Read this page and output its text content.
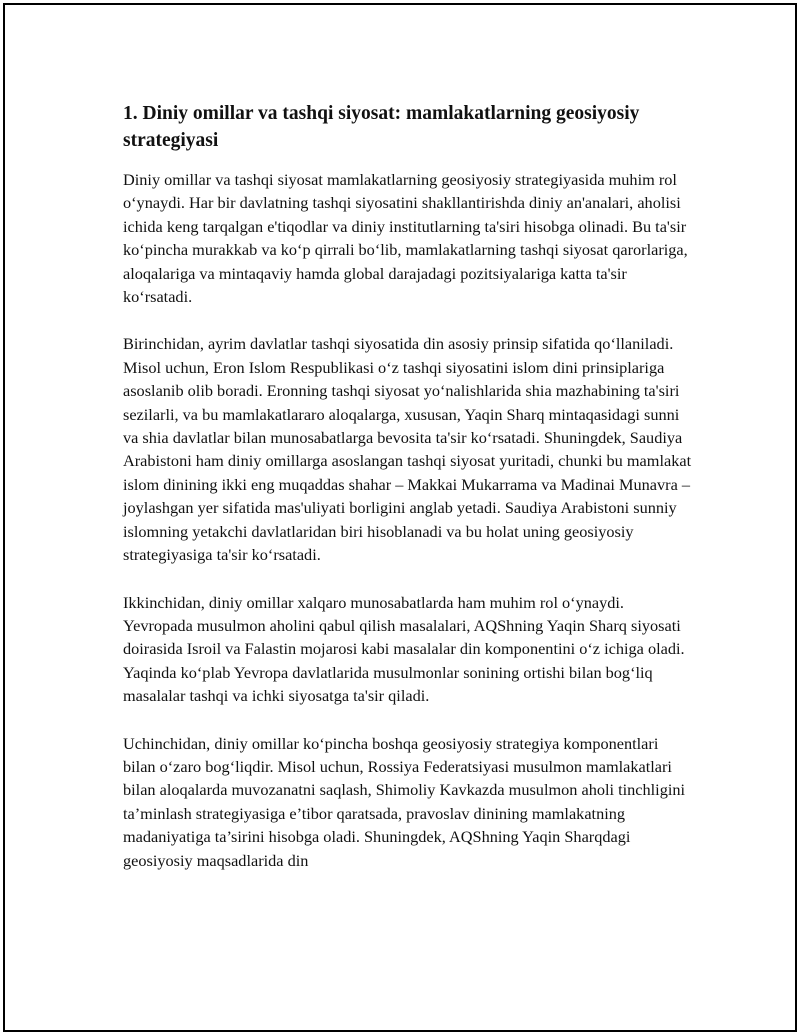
1. Diniy omillar va tashqi siyosat: mamlakatlarning geosiyosiy strategiyasi

Diniy omillar va tashqi siyosat mamlakatlarning geosiyosiy strategiyasida muhim rol oʻynaydi. Har bir davlatning tashqi siyosatini shakllantirishda diniy an'analari, aholisi ichida keng tarqalgan e'tiqodlar va diniy institutlarning ta'siri hisobga olinadi. Bu ta'sir koʻpincha murakkab va koʻp qirrali boʻlib, mamlakatlarning tashqi siyosat qarorlariga, aloqalariga va mintaqaviy hamda global darajadagi pozitsiyalariga katta ta'sir koʻrsatadi.

Birinchidan, ayrim davlatlar tashqi siyosatida din asosiy prinsip sifatida qoʻllaniladi. Misol uchun, Eron Islom Respublikasi oʻz tashqi siyosatini islom dini prinsiplariga asoslanib olib boradi. Eronning tashqi siyosat yoʻnalishlarida shia mazhabining ta'siri sezilarli, va bu mamlakatlararo aloqalarga, xususan, Yaqin Sharq mintaqasidagi sunni va shia davlatlar bilan munosabatlarga bevosita ta'sir koʻrsatadi. Shuningdek, Saudiya Arabistoni ham diniy omillarga asoslangan tashqi siyosat yuritadi, chunki bu mamlakat islom dinining ikki eng muqaddas shahar – Makkai Mukarrama va Madinai Munavra – joylashgan yer sifatida mas'uliyati borligini anglab yetadi. Saudiya Arabistoni sunniy islomning yetakchi davlatlaridan biri hisoblanadi va bu holat uning geosiyosiy strategiyasiga ta'sir koʻrsatadi.

Ikkinchidan, diniy omillar xalqaro munosabatlarda ham muhim rol oʻynaydi. Yevropada musulmon aholini qabul qilish masalalari, AQShning Yaqin Sharq siyosati doirasida Isroil va Falastin mojarosi kabi masalalar din komponentini oʻz ichiga oladi. Yaqinda koʻplab Yevropa davlatlarida musulmonlar sonining ortishi bilan bogʻliq masalalar tashqi va ichki siyosatga ta'sir qiladi.

Uchinchidan, diniy omillar koʻpincha boshqa geosiyosiy strategiya komponentlari bilan oʻzaro bogʻliqdir. Misol uchun, Rossiya Federatsiyasi musulmon mamlakatlari bilan aloqalarda muvozanatni saqlash, Shimoliy Kavkazda musulmon aholi tinchligini ta’minlash strategiyasiga e’tibor qaratsada, pravoslav dinining mamlakatning madaniyatiga ta’sirini hisobga oladi. Shuningdek, AQShning Yaqin Sharqdagi geosiyosiy maqsadlarida din
